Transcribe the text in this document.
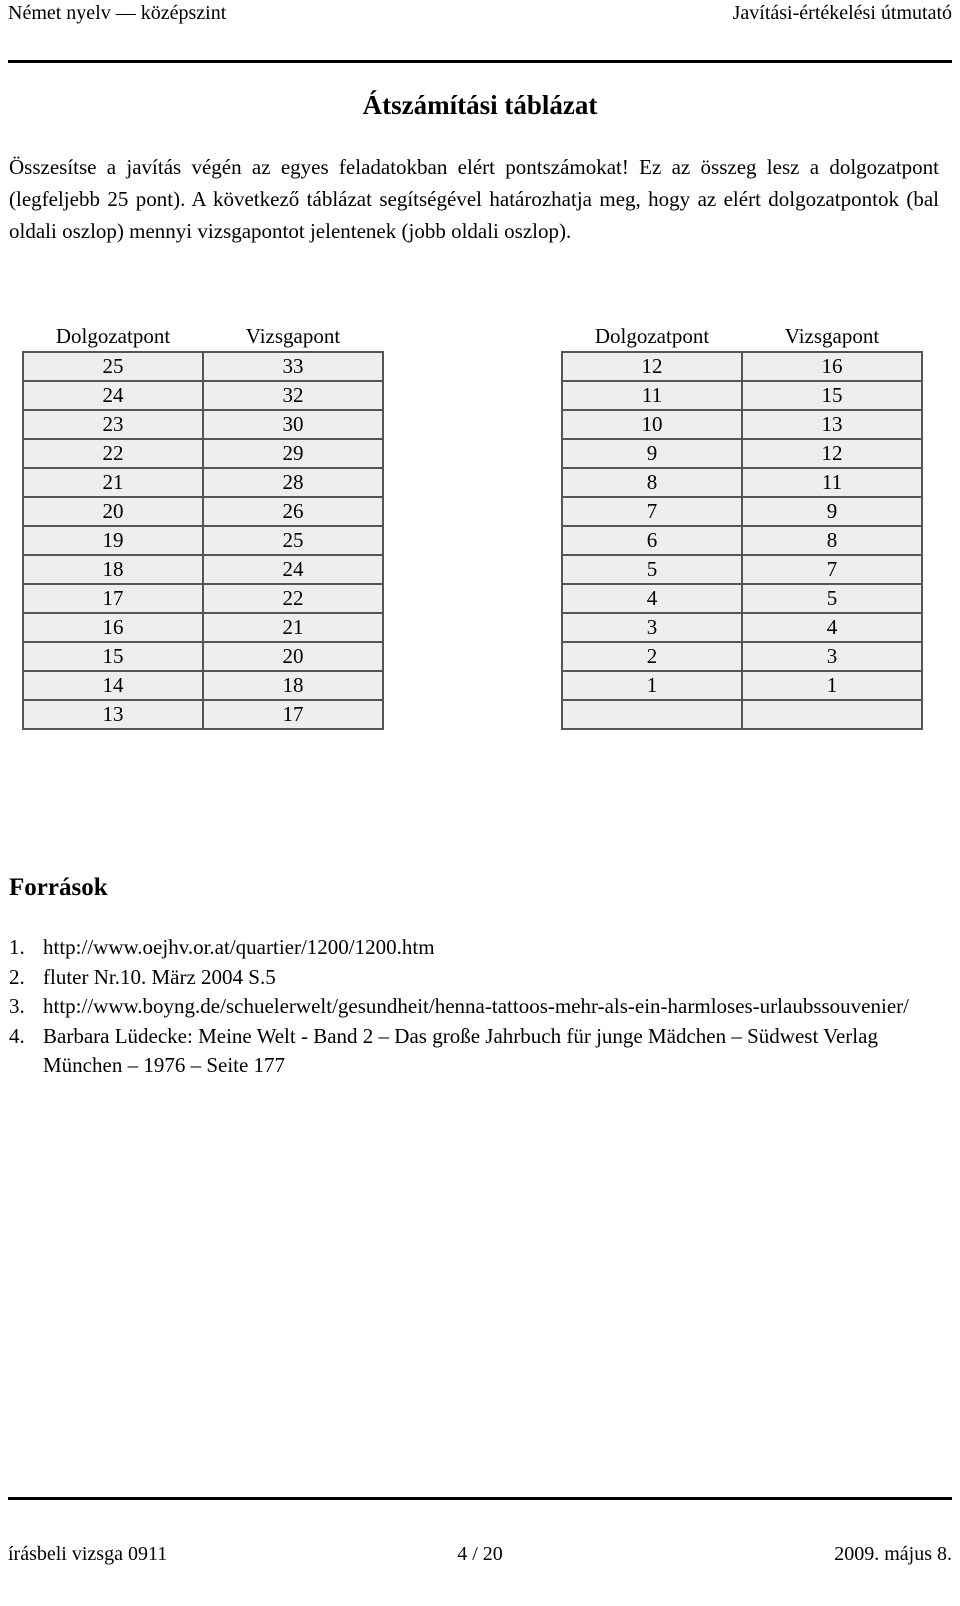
Német nyelv — középszint	Javítási-értékelési útmutató
Átszámítási táblázat

Összesítse a javítás végén az egyes feladatokban elért pontszámokat! Ez az összeg lesz a dolgozatpont (legfeljebb 25 pont). A következő táblázat segítségével határozhatja meg, hogy az elért dolgozatpontok (bal oldali oszlop) mennyi vizsgapontot jelentenek (jobb oldali oszlop).

Dolgozatpont	Vizsgapont
25	33
24	32
23	30
22	29
21	28
20	26
19	25
18	24
17	22
16	21
15	20
14	18
13	17
Dolgozatpont	Vizsgapont
12	16
11	15
10	13
9	12
8	11
7	9
6	8
5	7
4	5
3	4
2	3
1	1

Források
1. http://www.oejhv.or.at/quartier/1200/1200.htm
2. fluter Nr.10. März 2004 S.5
3. http://www.boyng.de/schuelerwelt/gesundheit/henna-tattoos-mehr-als-ein-harmloses-urlaubssouvenier/
4. Barbara Lüdecke: Meine Welt - Band 2 – Das große Jahrbuch für junge Mädchen – Südwest Verlag München – 1976 – Seite 177
írásbeli vizsga 0911	4 / 20	2009. május 8.
